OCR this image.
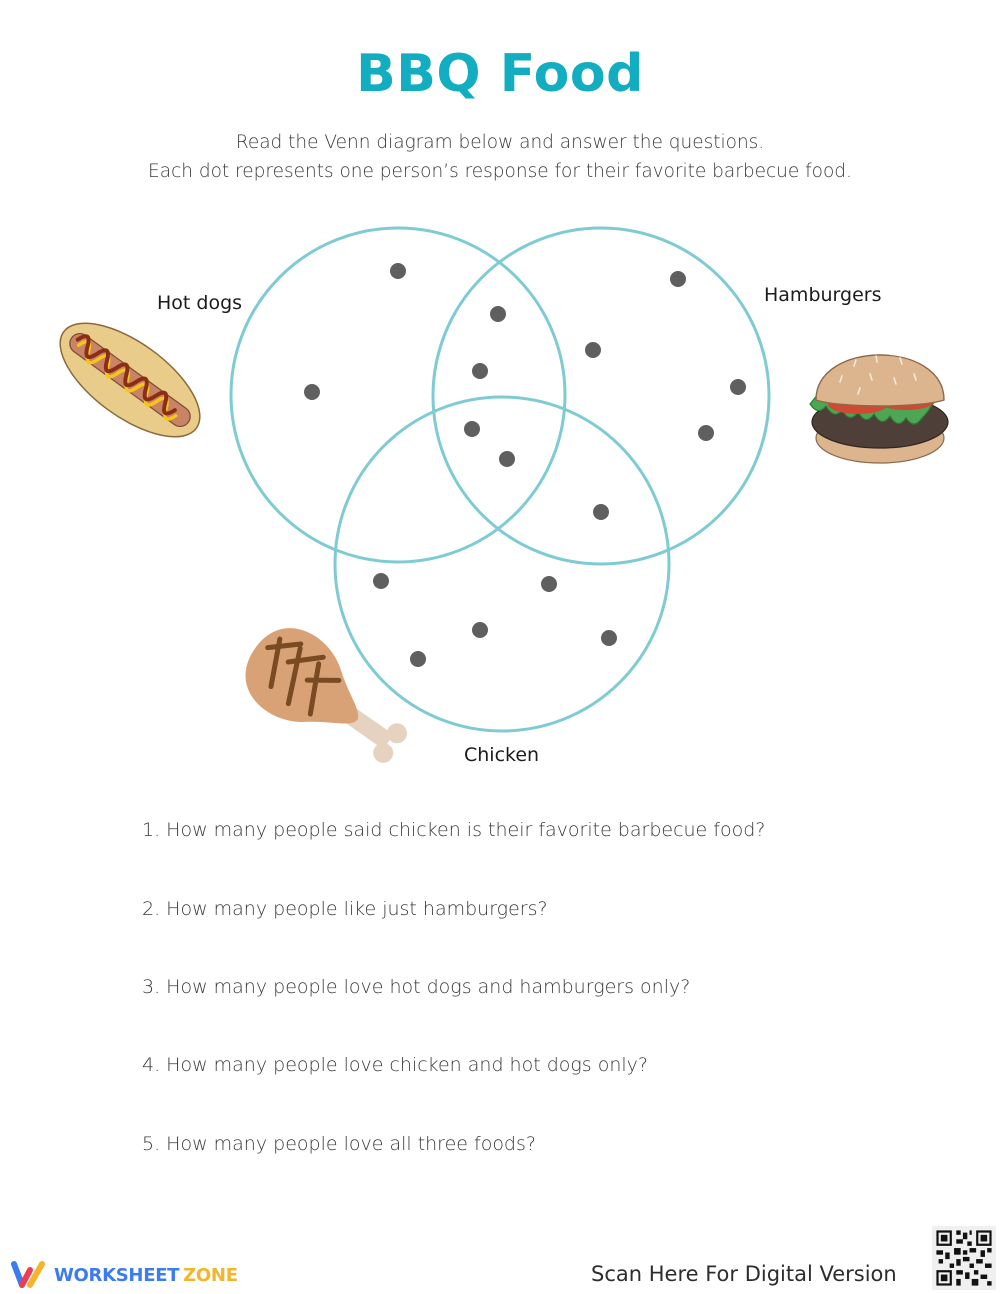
BBQ Food
Read the Venn diagram below and answer the questions.
Each dot represents one person’s response for their favorite barbecue food.
Hot dogs	Hamburgers
Chicken
1. How many people said chicken is their favorite barbecue food?
2. How many people like just hamburgers?
3. How many people love hot dogs and hamburgers only?
4. How many people love chicken and hot dogs only?
5. How many people love all three foods?
WORKSHEET ZONE	Scan Here For Digital Version
